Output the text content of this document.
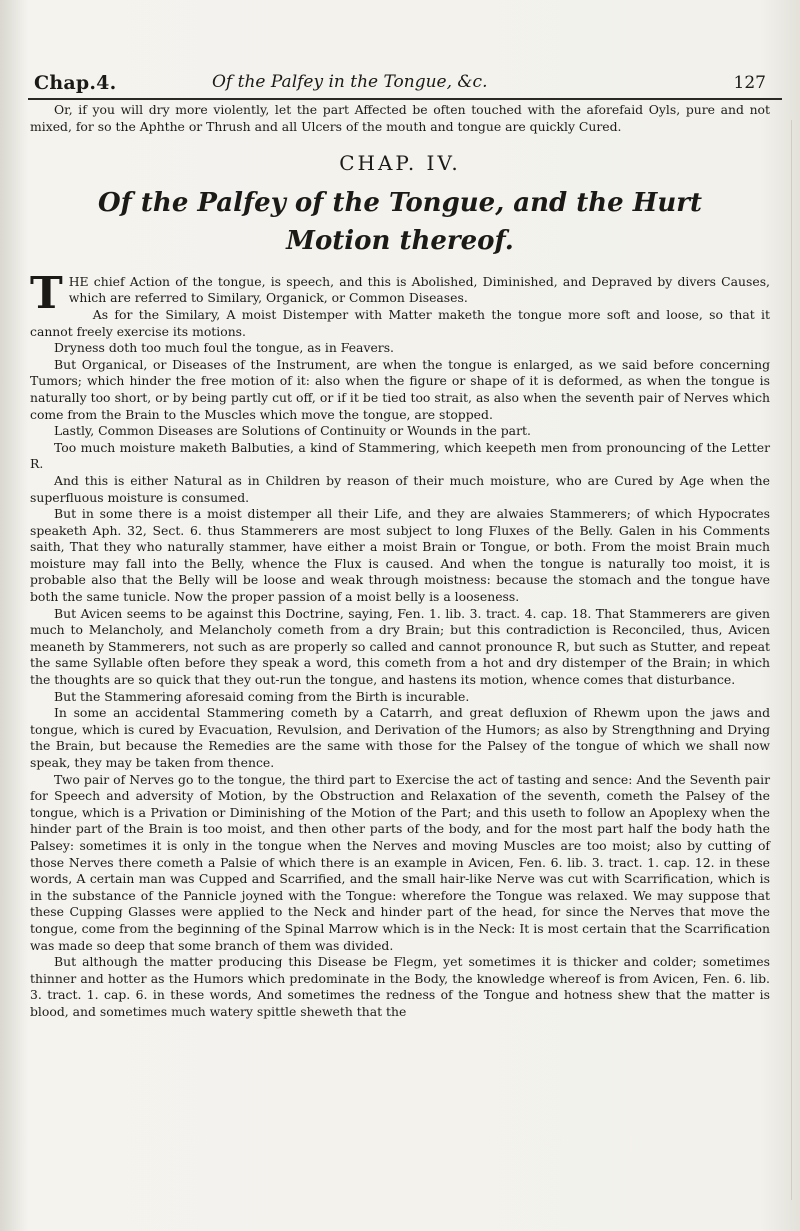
Chap.4.	Of the Palfey in the Tongue, &c.	127

Or, if you will dry more violently, let the part Affected be often touched with the aforefaid Oyls, pure and not mixed, for so the Aphthe or Thrush and all Ulcers of the mouth and tongue are quickly Cured.

CHAP. IV.
Of the Palfey of the Tongue, and the Hurt
Motion thereof.

THE chief Action of the tongue, is speech, and this is Abolished, Diminished, and Depraved by divers Causes, which are referred to Similary, Organick, or Common Diseases.

As for the Similary, A moist Distemper with Matter maketh the tongue more soft and loose, so that it cannot freely exercise its motions.

Dryness doth too much foul the tongue, as in Feavers.

But Organical, or Diseases of the Instrument, are when the tongue is enlarged, as we said before concerning Tumors; which hinder the free motion of it: also when the figure or shape of it is deformed, as when the tongue is naturally too short, or by being partly cut off, or if it be tied too strait, as also when the seventh pair of Nerves which come from the Brain to the Muscles which move the tongue, are stopped.

Lastly, Common Diseases are Solutions of Continuity or Wounds in the part.

Too much moisture maketh Balbuties, a kind of Stammering, which keepeth men from pronouncing of the Letter R.

And this is either Natural as in Children by reason of their much moisture, who are Cured by Age when the superfluous moisture is consumed.

But in some there is a moist distemper all their Life, and they are alwaies Stammerers; of which Hypocrates speaketh Aph. 32, Sect. 6. thus Stammerers are most subject to long Fluxes of the Belly. Galen in his Comments saith, That they who naturally stammer, have either a moist Brain or Tongue, or both. From the moist Brain much moisture may fall into the Belly, whence the Flux is caused. And when the tongue is naturally too moist, it is probable also that the Belly will be loose and weak through moistness: because the stomach and the tongue have both the same tunicle. Now the proper passion of a moist belly is a looseness.

But Avicen seems to be against this Doctrine, saying, Fen. 1. lib. 3. tract. 4. cap. 18. That Stammerers are given much to Melancholy, and Melancholy cometh from a dry Brain; but this contradiction is Reconciled, thus, Avicen meaneth by Stammerers, not such as are properly so called and cannot pronounce R, but such as Stutter, and repeat the same Syllable often before they speak a word, this cometh from a hot and dry distemper of the Brain; in which the thoughts are so quick that they out-run the tongue, and hastens its motion, whence comes that disturbance.

But the Stammering aforesaid coming from the Birth is incurable.

In some an accidental Stammering cometh by a Catarrh, and great defluxion of Rhewm upon the jaws and tongue, which is cured by Evacuation, Revulsion, and Derivation of the Humors; as also by Strengthning and Drying the Brain, but because the Remedies are the same with those for the Palsey of the tongue of which we shall now speak, they may be taken from thence.

Two pair of Nerves go to the tongue, the third part to Exercise the act of tasting and sence: And the Seventh pair for Speech and adversity of Motion, by the Obstruction and Relaxation of the seventh, cometh the Palsey of the tongue, which is a Privation or Diminishing of the Motion of the Part; and this useth to follow an Apoplexy when the hinder part of the Brain is too moist, and then other parts of the body, and for the most part half the body hath the Palsey: sometimes it is only in the tongue when the Nerves and moving Muscles are too moist; also by cutting of those Nerves there cometh a Palsie of which there is an example in Avicen, Fen. 6. lib. 3. tract. 1. cap. 12. in these words, A certain man was Cupped and Scarrified, and the small hair-like Nerve was cut with Scarrification, which is in the substance of the Pannicle joyned with the Tongue: wherefore the Tongue was relaxed. We may suppose that these Cupping Glasses were applied to the Neck and hinder part of the head, for since the Nerves that move the tongue, come from the beginning of the Spinal Marrow which is in the Neck: It is most certain that the Scarrification was made so deep that some branch of them was divided.

But although the matter producing this Disease be Flegm, yet sometimes it is thicker and colder; sometimes thinner and hotter as the Humors which predominate in the Body, the knowledge whereof is from Avicen, Fen. 6. lib. 3. tract. 1. cap. 6. in these words, And sometimes the redness of the Tongue and hotness shew that the matter is blood, and sometimes much watery spittle sheweth that the
